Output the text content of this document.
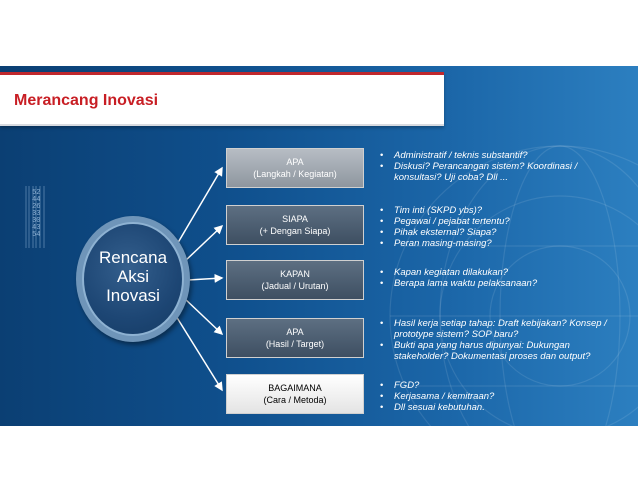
Merancang Inovasi
52442633304354
Rencana
Aksi
Inovasi
APA
(Langkah / Kegiatan)
SIAPA
(+ Dengan Siapa)
KAPAN
(Jadual / Urutan)
APA
(Hasil / Target)
BAGAIMANA
(Cara / Metoda)
• Administratif / teknis substantif?
• Diskusi? Perancangan sistem? Koordinasi / konsultasi? Uji coba? Dll ...
• Tim inti (SKPD ybs)?
• Pegawai / pejabat tertentu?
• Pihak eksternal? Siapa?
• Peran masing-masing?
• Kapan kegiatan dilakukan?
• Berapa lama waktu pelaksanaan?
• Hasil kerja setiap tahap: Draft kebijakan? Konsep / prototype sistem? SOP baru?
• Bukti apa yang harus dipunyai: Dukungan stakeholder? Dokumentasi proses dan output?
• FGD?
• Kerjasama / kemitraan?
• Dll sesuai kebutuhan.
